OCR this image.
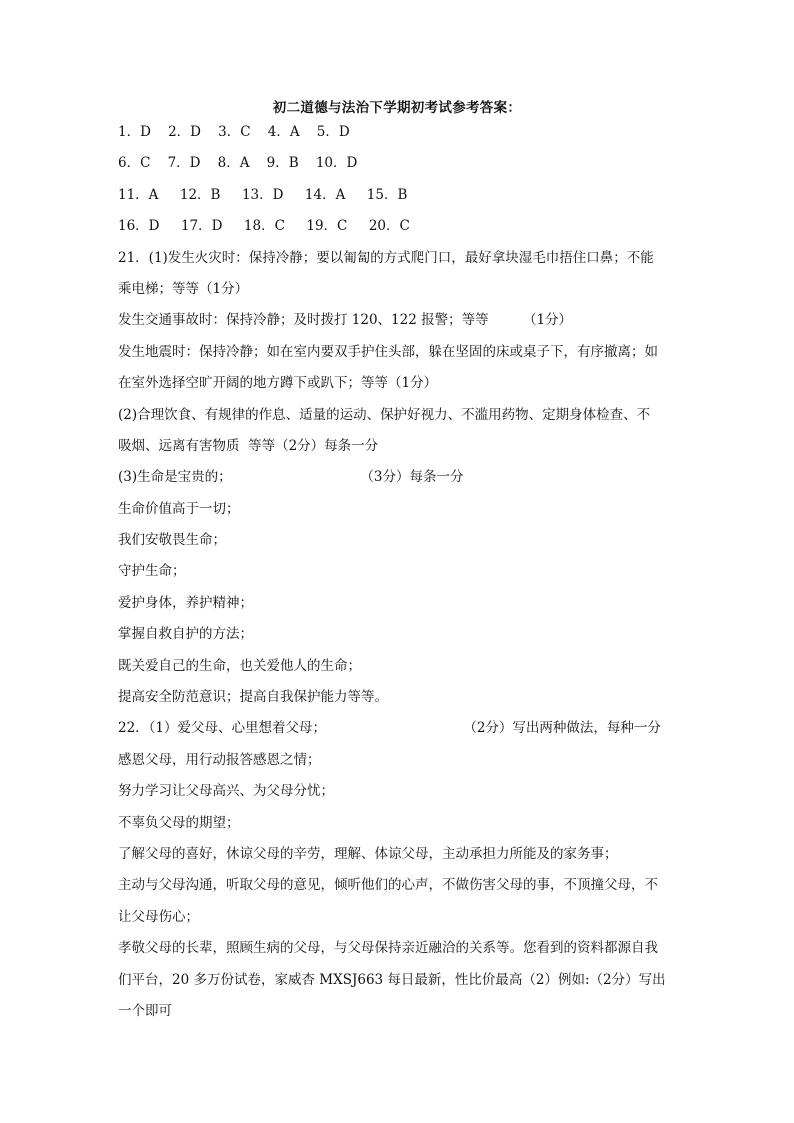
初二道德与法治下学期初考试参考答案：
1．D    2．D    3．C    4．A    5．D
6．C    7．D    8．A    9．B    10．D
11．A     12．B     13．D     14．A     15．B
16．D     17．D     18．C     19．C     20．C
21．(1)发生火灾时：保持冷静；要以匍匐的方式爬门口，最好拿块湿毛巾捂住口鼻；不能
乘电梯；等等（1分）
发生交通事故时：保持冷静；及时拨打 120、122 报警；等等        （1分）
发生地震时：保持冷静；如在室内要双手护住头部，躲在坚固的床或桌子下，有序撤离；如
在室外选择空旷开阔的地方蹲下或趴下；等等（1分）
(2)合理饮食、有规律的作息、适量的运动、保护好视力、不滥用药物、定期身体检查、不
吸烟、远离有害物质  等等（2分）每条一分
(3)生命是宝贵的；                              （3分）每条一分
生命价值高于一切；
我们安敬畏生命；
守护生命；
爱护身体，养护精神；
掌握自救自护的方法；
既关爱自己的生命，也关爱他人的生命；
提高安全防范意识；提高自我保护能力等等。
22．（1）爱父母、心里想着父母；                                （2分）写出两种做法，每种一分
感恩父母，用行动报答感恩之情；
努力学习让父母高兴、为父母分忧；
不辜负父母的期望；
了解父母的喜好，休谅父母的辛劳，理解、体谅父母，主动承担力所能及的家务事；
主动与父母沟通，听取父母的意见，倾听他们的心声，不做伤害父母的事，不顶撞父母，不
让父母伤心；
孝敬父母的长辈，照顾生病的父母，与父母保持亲近融洽的关系等。您看到的资料都源自我
们平台，20 多万份试卷，家威杏 MXSJ663 每日最新，性比价最高（2）例如:（2分）写出
一个即可
